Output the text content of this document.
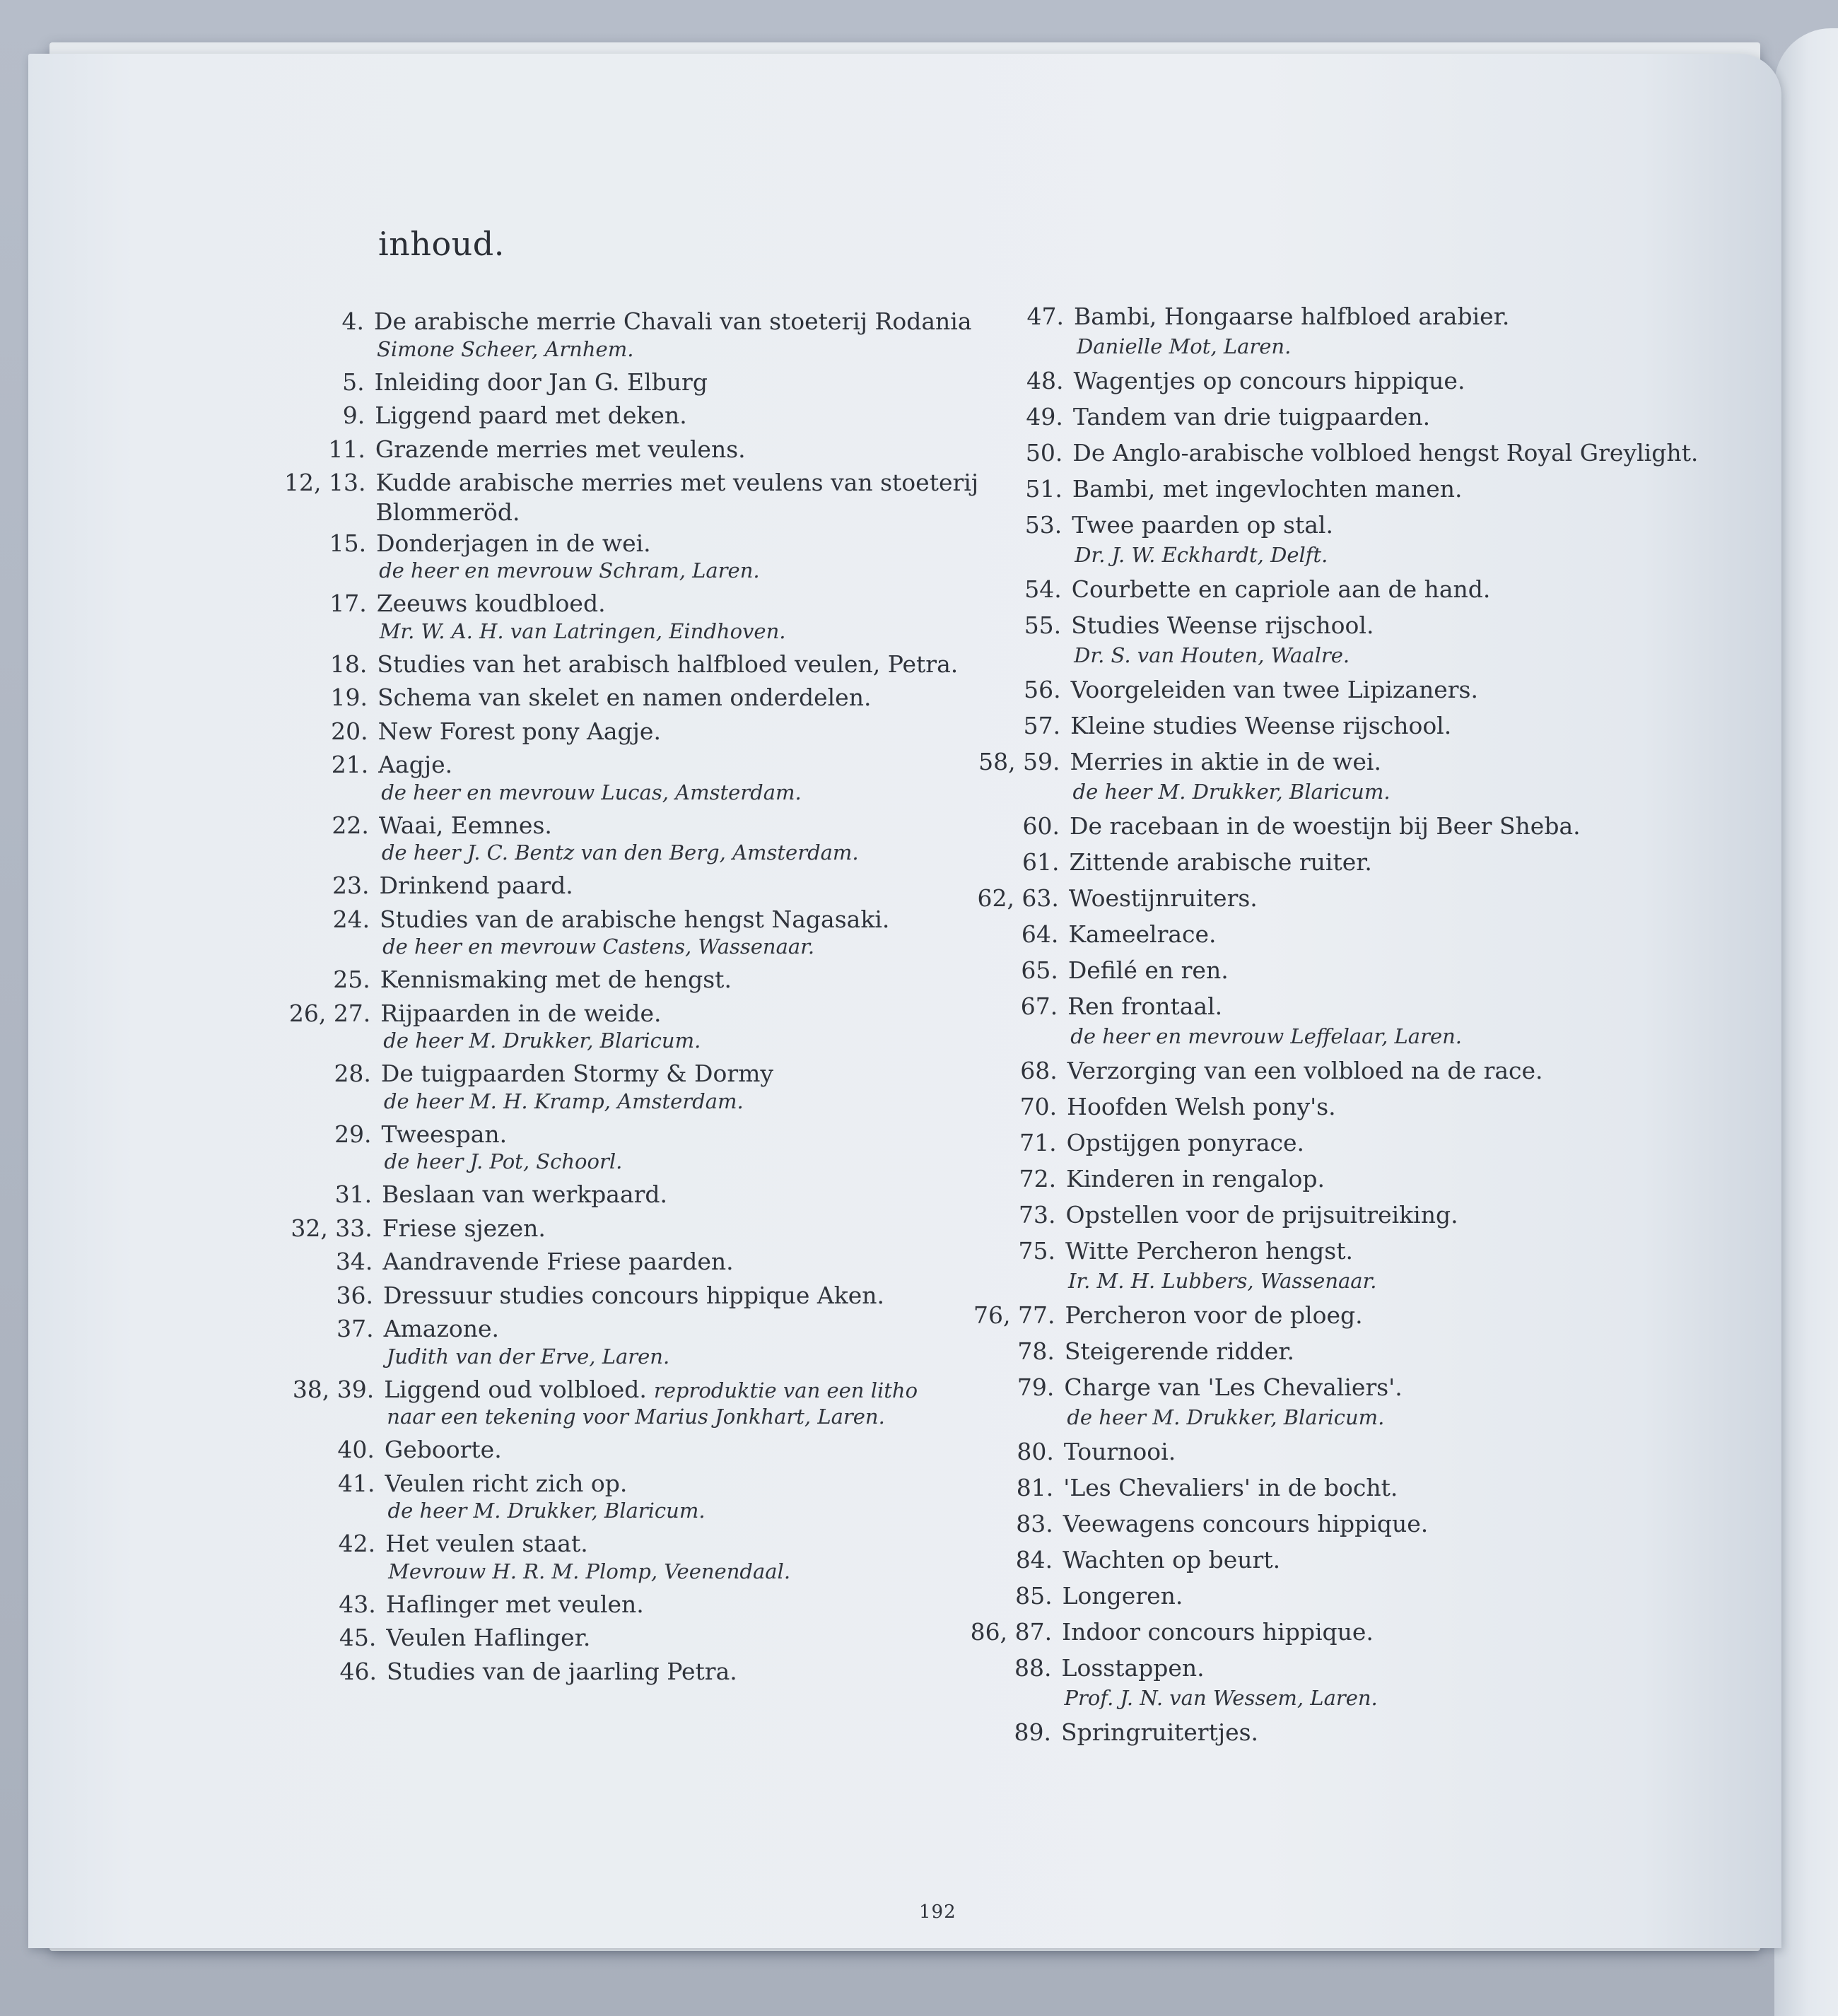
inhoud.
4. De arabische merrie Chavali van stoeterij Rodania
Simone Scheer, Arnhem.
5. Inleiding door Jan G. Elburg
9. Liggend paard met deken.
11. Grazende merries met veulens.
12, 13. Kudde arabische merries met veulens van stoeterij
Blommeröd.
15. Donderjagen in de wei.
de heer en mevrouw Schram, Laren.
17. Zeeuws koudbloed.
Mr. W. A. H. van Latringen, Eindhoven.
18. Studies van het arabisch halfbloed veulen, Petra.
19. Schema van skelet en namen onderdelen.
20. New Forest pony Aagje.
21. Aagje.
de heer en mevrouw Lucas, Amsterdam.
22. Waai, Eemnes.
de heer J. C. Bentz van den Berg, Amsterdam.
23. Drinkend paard.
24. Studies van de arabische hengst Nagasaki.
de heer en mevrouw Castens, Wassenaar.
25. Kennismaking met de hengst.
26, 27. Rijpaarden in de weide.
de heer M. Drukker, Blaricum.
28. De tuigpaarden Stormy & Dormy
de heer M. H. Kramp, Amsterdam.
29. Tweespan.
de heer J. Pot, Schoorl.
31. Beslaan van werkpaard.
32, 33. Friese sjezen.
34. Aandravende Friese paarden.
36. Dressuur studies concours hippique Aken.
37. Amazone.
Judith van der Erve, Laren.
38, 39. Liggend oud volbloed. reproduktie van een litho
naar een tekening voor Marius Jonkhart, Laren.
40. Geboorte.
41. Veulen richt zich op.
de heer M. Drukker, Blaricum.
42. Het veulen staat.
Mevrouw H. R. M. Plomp, Veenendaal.
43. Haflinger met veulen.
45. Veulen Haflinger.
46. Studies van de jaarling Petra.
47. Bambi, Hongaarse halfbloed arabier.
Danielle Mot, Laren.
48. Wagentjes op concours hippique.
49. Tandem van drie tuigpaarden.
50. De Anglo-arabische volbloed hengst Royal Greylight.
51. Bambi, met ingevlochten manen.
53. Twee paarden op stal.
Dr. J. W. Eckhardt, Delft.
54. Courbette en capriole aan de hand.
55. Studies Weense rijschool.
Dr. S. van Houten, Waalre.
56. Voorgeleiden van twee Lipizaners.
57. Kleine studies Weense rijschool.
58, 59. Merries in aktie in de wei.
de heer M. Drukker, Blaricum.
60. De racebaan in de woestijn bij Beer Sheba.
61. Zittende arabische ruiter.
62, 63. Woestijnruiters.
64. Kameelrace.
65. Defilé en ren.
67. Ren frontaal.
de heer en mevrouw Leffelaar, Laren.
68. Verzorging van een volbloed na de race.
70. Hoofden Welsh pony's.
71. Opstijgen ponyrace.
72. Kinderen in rengalop.
73. Opstellen voor de prijsuitreiking.
75. Witte Percheron hengst.
Ir. M. H. Lubbers, Wassenaar.
76, 77. Percheron voor de ploeg.
78. Steigerende ridder.
79. Charge van 'Les Chevaliers'.
de heer M. Drukker, Blaricum.
80. Tournooi.
81. 'Les Chevaliers' in de bocht.
83. Veewagens concours hippique.
84. Wachten op beurt.
85. Longeren.
86, 87. Indoor concours hippique.
88. Losstappen.
Prof. J. N. van Wessem, Laren.
89. Springruitertjes.
192
